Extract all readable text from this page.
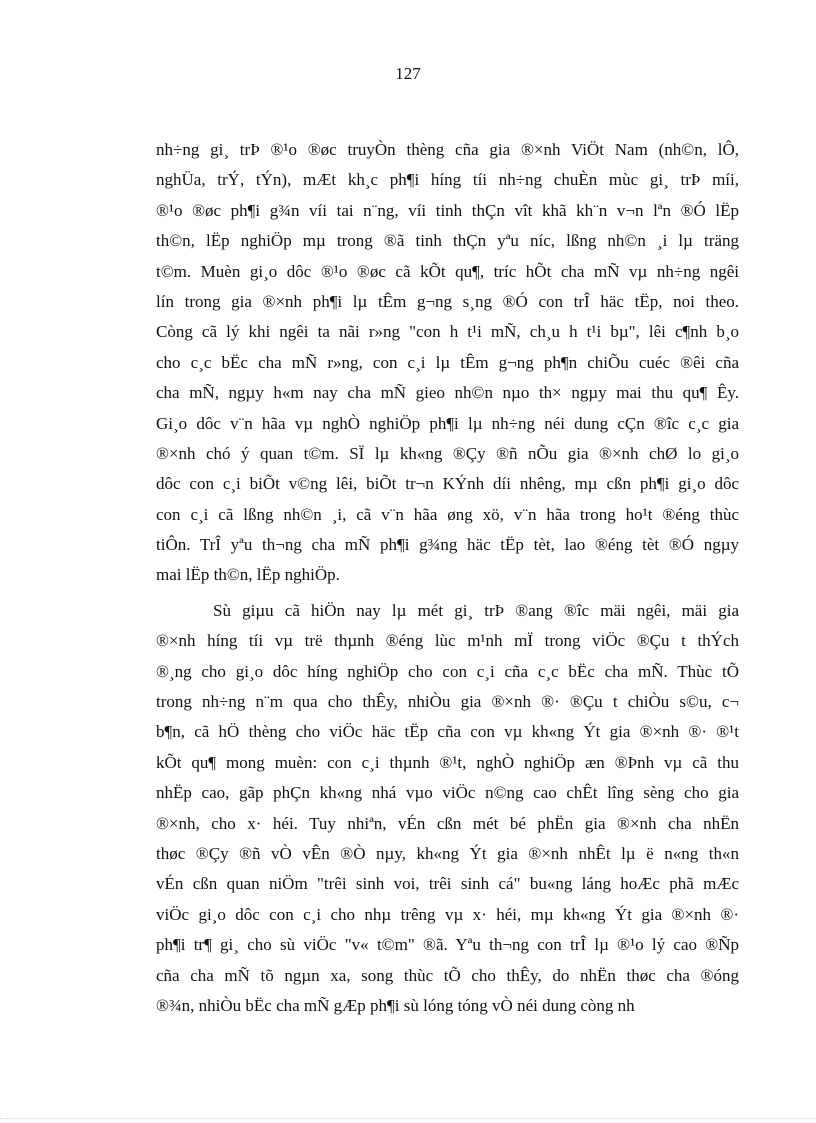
127
nh÷ng gi¸ trÞ ®¹o ®øc truyÒn thèng cña gia ®×nh ViÖt Nam (nh©n, lÔ,
nghÜa, trÝ, tÝn), mÆt kh¸c ph¶i híng tíi nh÷ng chuÈn mùc gi¸ trÞ míi,
®¹o ®øc ph¶i g¾n víi tai n¨ng, víi tinh thÇn vît khã kh¨n v¬n lªn ®Ó lËp
th©n, lËp nghiÖp mµ trong ®ã tinh thÇn yªu níc, lßng nh©n ¸i lµ träng
t©m. Muèn gi¸o dôc ®¹o ®øc cã kÕt qu¶, tríc hÕt cha mÑ vµ nh÷ng ngêi
lín trong gia ®×nh ph¶i lµ tÊm g¬ng s¸ng ®Ó con trÎ häc tËp, noi theo.
Còng cã lý khi ngêi ta nãi r»ng "con h t¹i mÑ, ch¸u h t¹i bµ", lêi c¶nh b¸o
cho c¸c bËc cha mÑ r»ng, con c¸i lµ tÊm g¬ng ph¶n chiÕu cuéc ®êi cña
cha mÑ, ngµy h«m nay cha mÑ gieo nh©n nµo th× ngµy mai thu qu¶ Êy.
Gi¸o dôc v¨n hãa vµ nghÒ nghiÖp ph¶i lµ nh÷ng néi dung cÇn ®îc c¸c gia
®×nh chó ý quan t©m. SÏ lµ kh«ng ®Çy ®ñ nÕu gia ®×nh chØ lo gi¸o
dôc con c¸i biÕt v©ng lêi, biÕt tr¬n KÝnh díi nhêng, mµ cßn ph¶i gi¸o dôc
con c¸i cã lßng nh©n ¸i, cã v¨n hãa øng xö, v¨n hãa trong ho¹t ®éng thùc
tiÔn. TrÎ yªu th¬ng cha mÑ ph¶i g¾ng häc tËp tèt, lao ®éng tèt ®Ó ngµy
mai lËp th©n, lËp nghiÖp.
Sù giµu cã hiÖn nay lµ mét gi¸ trÞ ®ang ®îc mäi ngêi, mäi gia
®×nh híng tíi vµ trë thµnh ®éng lùc m¹nh mÏ trong viÖc ®Çu t thÝch
®¸ng cho gi¸o dôc híng nghiÖp cho con c¸i cña c¸c bËc cha mÑ. Thùc tÕ
trong nh÷ng n¨m qua cho thÊy, nhiÒu gia ®×nh ®· ®Çu t chiÒu s©u, c¬
b¶n, cã hÖ thèng cho viÖc häc tËp cña con vµ kh«ng Ýt gia ®×nh ®· ®¹t
kÕt qu¶ mong muèn: con c¸i thµnh ®¹t, nghÒ nghiÖp æn ®Þnh vµ cã thu
nhËp cao, gãp phÇn kh«ng nhá vµo viÖc n©ng cao chÊt lîng sèng cho gia
®×nh, cho x· héi. Tuy nhiªn, vÉn cßn mét bé phËn gia ®×nh cha nhËn
thøc ®Çy ®ñ vÒ vÊn ®Ò nµy, kh«ng Ýt gia ®×nh nhÊt lµ ë n«ng th«n
vÉn cßn quan niÖm "trêi sinh voi, trêi sinh cá" bu«ng láng hoÆc phã mÆc
viÖc gi¸o dôc con c¸i cho nhµ trêng vµ x· héi, mµ kh«ng Ýt gia ®×nh ®·
ph¶i tr¶ gi¸ cho sù viÖc "v« t©m" ®ã. Yªu th¬ng con trÎ lµ ®¹o lý cao ®Ñp
cña cha mÑ tõ ngµn xa, song thùc tÕ cho thÊy, do nhËn thøc cha ®óng
®¾n, nhiÒu bËc cha mÑ gÆp ph¶i sù lóng tóng vÒ néi dung còng nh
